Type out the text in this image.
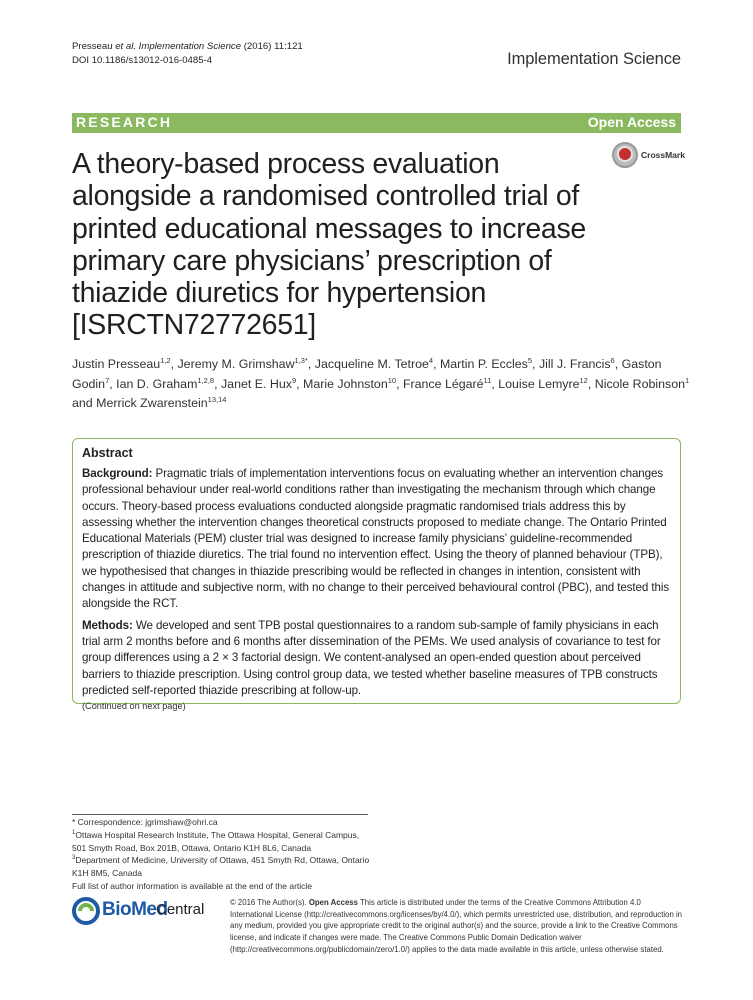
Presseau et al. Implementation Science (2016) 11:121
DOI 10.1186/s13012-016-0485-4	Implementation Science
RESEARCH	Open Access
CrossMark
A theory-based process evaluation alongside a randomised controlled trial of printed educational messages to increase primary care physicians’ prescription of thiazide diuretics for hypertension [ISRCTN72772651]
Justin Presseau$^{1,2}$, Jeremy M. Grimshaw$^{1,3*}$, Jacqueline M. Tetroe$^4$, Martin P. Eccles$^5$, Jill J. Francis$^6$, Gaston Godin$^7$, Ian D. Graham$^{1,2,8}$, Janet E. Hux$^9$, Marie Johnston$^{10}$, France Légaré$^{11}$, Louise Lemyre$^{12}$, Nicole Robinson$^1$ and Merrick Zwarenstein$^{13,14}$
Abstract

Background: Pragmatic trials of implementation interventions focus on evaluating whether an intervention changes professional behaviour under real-world conditions rather than investigating the mechanism through which change occurs. Theory-based process evaluations conducted alongside pragmatic randomised trials address this by assessing whether the intervention changes theoretical constructs proposed to mediate change. The Ontario Printed Educational Materials (PEM) cluster trial was designed to increase family physicians’ guideline-recommended prescription of thiazide diuretics. The trial found no intervention effect. Using the theory of planned behaviour (TPB), we hypothesised that changes in thiazide prescribing would be reflected in changes in intention, consistent with changes in attitude and subjective norm, with no change to their perceived behavioural control (PBC), and tested this alongside the RCT.

Methods: We developed and sent TPB postal questionnaires to a random sub-sample of family physicians in each trial arm 2 months before and 6 months after dissemination of the PEMs. We used analysis of covariance to test for group differences using a 2 × 3 factorial design. We content-analysed an open-ended question about perceived barriers to thiazide prescription. Using control group data, we tested whether baseline measures of TPB constructs predicted self-reported thiazide prescribing at follow-up.

(Continued on next page)
* Correspondence: jgrimshaw@ohri.ca
$^1$Ottawa Hospital Research Institute, The Ottawa Hospital, General Campus, 501 Smyth Road, Box 201B, Ottawa, Ontario K1H 8L6, Canada
$^3$Department of Medicine, University of Ottawa, 451 Smyth Rd, Ottawa, Ontario K1H 8M5, Canada
Full list of author information is available at the end of the article
BioMed
Central	© 2016 The Author(s). Open Access This article is distributed under the terms of the Creative Commons Attribution 4.0 International License (http://creativecommons.org/licenses/by/4.0/), which permits unrestricted use, distribution, and reproduction in any medium, provided you give appropriate credit to the original author(s) and the source, provide a link to the Creative Commons license, and indicate if changes were made. The Creative Commons Public Domain Dedication waiver (http://creativecommons.org/publicdomain/zero/1.0/) applies to the data made available in this article, unless otherwise stated.
